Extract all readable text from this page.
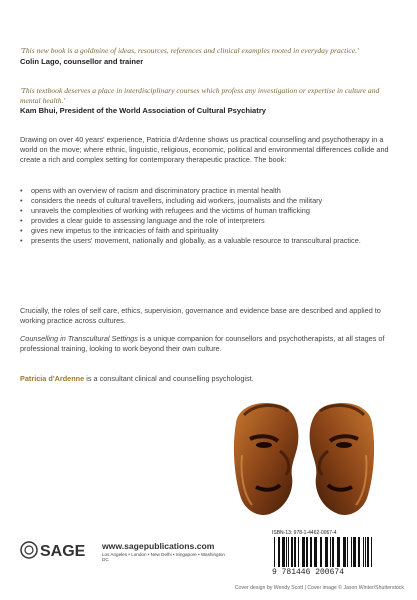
'This new book is a goldmine of ideas, resources, references and clinical examples rooted in everyday practice.'
Colin Lago, counsellor and trainer
'This textbook deserves a place in interdisciplinary courses which profess any investigation or expertise in culture and mental health.'
Kam Bhui, President of the World Association of Cultural Psychiatry
Drawing on over 40 years' experience, Patricia d'Ardenne shows us practical counselling and psychotherapy in a world on the move; where ethnic, linguistic, religious, economic, political and environmental differences collide and create a rich and complex setting for contemporary therapeutic practice. The book:
• opens with an overview of racism and discriminatory practice in mental health
• considers the needs of cultural travellers, including aid workers, journalists and the military
• unravels the complexities of working with refugees and the victims of human trafficking
• provides a clear guide to assessing language and the role of interpreters
• gives new impetus to the intricacies of faith and spirituality
• presents the users' movement, nationally and globally, as a valuable resource to transcultural practice.
Crucially, the roles of self care, ethics, supervision, governance and evidence base are described and applied to working practice across cultures.
Counselling in Transcultural Settings is a unique companion for counsellors and psychotherapists, at all stages of professional training, looking to work beyond their own culture.
Patricia d'Ardenne is a consultant clinical and counselling psychologist.
SAGE www.sagepublications.com
Los Angeles • London • New Delhi • Singapore • Washington DC
ISBN-13: 978-1-4462-0067-4
9 781446 200674
Cover design by Wendy Scott | Cover image © Jason Winter/Shutterstock
